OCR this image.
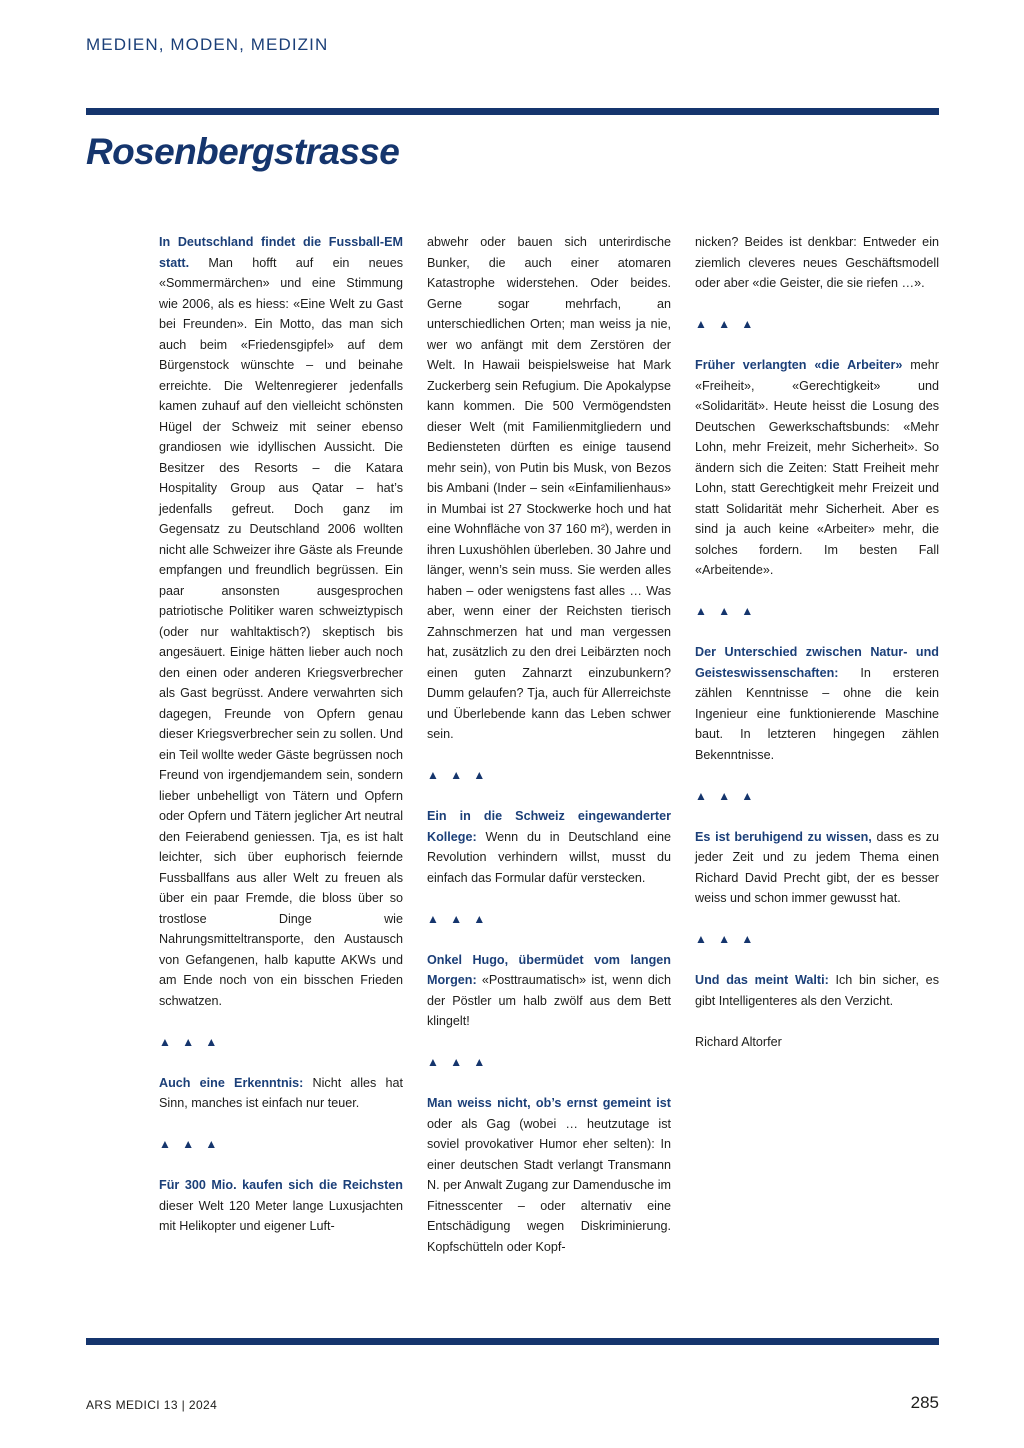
MEDIEN, MODEN, MEDIZIN
Rosenbergstrasse

In Deutschland findet die Fussball-EM statt. Man hofft auf ein neues «Sommermärchen» und eine Stimmung wie 2006, als es hiess: «Eine Welt zu Gast bei Freunden». Ein Motto, das man sich auch beim «Friedensgipfel» auf dem Bürgenstock wünschte – und beinahe erreichte. Die Weltenregierer jedenfalls kamen zuhauf auf den vielleicht schönsten Hügel der Schweiz mit seiner ebenso grandiosen wie idyllischen Aussicht. Die Besitzer des Resorts – die Katara Hospitality Group aus Qatar – hat’s jedenfalls gefreut. Doch ganz im Gegensatz zu Deutschland 2006 wollten nicht alle Schweizer ihre Gäste als Freunde empfangen und freundlich begrüssen. Ein paar ansonsten ausgesprochen patriotische Politiker waren schweiztypisch (oder nur wahltaktisch?) skeptisch bis angesäuert. Einige hätten lieber auch noch den einen oder anderen Kriegsverbrecher als Gast begrüsst. Andere verwahrten sich dagegen, Freunde von Opfern genau dieser Kriegsverbrecher sein zu sollen. Und ein Teil wollte weder Gäste begrüssen noch Freund von irgendjemandem sein, sondern lieber unbehelligt von Tätern und Opfern oder Opfern und Tätern jeglicher Art neutral den Feierabend geniessen. Tja, es ist halt leichter, sich über euphorisch feiernde Fussballfans aus aller Welt zu freuen als über ein paar Fremde, die bloss über so trostlose Dinge wie Nahrungsmitteltransporte, den Austausch von Gefangenen, halb kaputte AKWs und am Ende noch von ein bisschen Frieden schwatzen.

▲ ▲ ▲

Auch eine Erkenntnis: Nicht alles hat Sinn, manches ist einfach nur teuer.

▲ ▲ ▲

Für 300 Mio. kaufen sich die Reichsten dieser Welt 120 Meter lange Luxusjachten mit Helikopter und eigener Luft-

abwehr oder bauen sich unterirdische Bunker, die auch einer atomaren Katastrophe widerstehen. Oder beides. Gerne sogar mehrfach, an unterschiedlichen Orten; man weiss ja nie, wer wo anfängt mit dem Zerstören der Welt. In Hawaii beispielsweise hat Mark Zuckerberg sein Refugium. Die Apokalypse kann kommen. Die 500 Vermögendsten dieser Welt (mit Familienmitgliedern und Bediensteten dürften es einige tausend mehr sein), von Putin bis Musk, von Bezos bis Ambani (Inder – sein «Einfamilienhaus» in Mumbai ist 27 Stockwerke hoch und hat eine Wohnfläche von 37 160 m²), werden in ihren Luxushöhlen überleben. 30 Jahre und länger, wenn’s sein muss. Sie werden alles haben – oder wenigstens fast alles … Was aber, wenn einer der Reichsten tierisch Zahnschmerzen hat und man vergessen hat, zusätzlich zu den drei Leibärzten noch einen guten Zahnarzt einzubunkern? Dumm gelaufen? Tja, auch für Allerreichste und Überlebende kann das Leben schwer sein.

▲ ▲ ▲

Ein in die Schweiz eingewanderter Kollege: Wenn du in Deutschland eine Revolution verhindern willst, musst du einfach das Formular dafür verstecken.

▲ ▲ ▲

Onkel Hugo, übermüdet vom langen Morgen: «Posttraumatisch» ist, wenn dich der Pöstler um halb zwölf aus dem Bett klingelt!

▲ ▲ ▲

Man weiss nicht, ob’s ernst gemeint ist oder als Gag (wobei … heutzutage ist soviel provokativer Humor eher selten): In einer deutschen Stadt verlangt Transmann N. per Anwalt Zugang zur Damendusche im Fitnesscenter – oder alternativ eine Entschädigung wegen Diskriminierung. Kopfschütteln oder Kopf-

nicken? Beides ist denkbar: Entweder ein ziemlich cleveres neues Geschäftsmodell oder aber «die Geister, die sie riefen …».

▲ ▲ ▲

Früher verlangten «die Arbeiter» mehr «Freiheit», «Gerechtigkeit» und «Solidarität». Heute heisst die Losung des Deutschen Gewerkschaftsbunds: «Mehr Lohn, mehr Freizeit, mehr Sicherheit». So ändern sich die Zeiten: Statt Freiheit mehr Lohn, statt Gerechtigkeit mehr Freizeit und statt Solidarität mehr Sicherheit. Aber es sind ja auch keine «Arbeiter» mehr, die solches fordern. Im besten Fall «Arbeitende».

▲ ▲ ▲

Der Unterschied zwischen Natur- und Geisteswissenschaften: In ersteren zählen Kenntnisse – ohne die kein Ingenieur eine funktionierende Maschine baut. In letzteren hingegen zählen Bekenntnisse.

▲ ▲ ▲

Es ist beruhigend zu wissen, dass es zu jeder Zeit und zu jedem Thema einen Richard David Precht gibt, der es besser weiss und schon immer gewusst hat.

▲ ▲ ▲

Und das meint Walti: Ich bin sicher, es gibt Intelligenteres als den Verzicht.

Richard Altorfer

ARS MEDICI 13 | 2024	285
